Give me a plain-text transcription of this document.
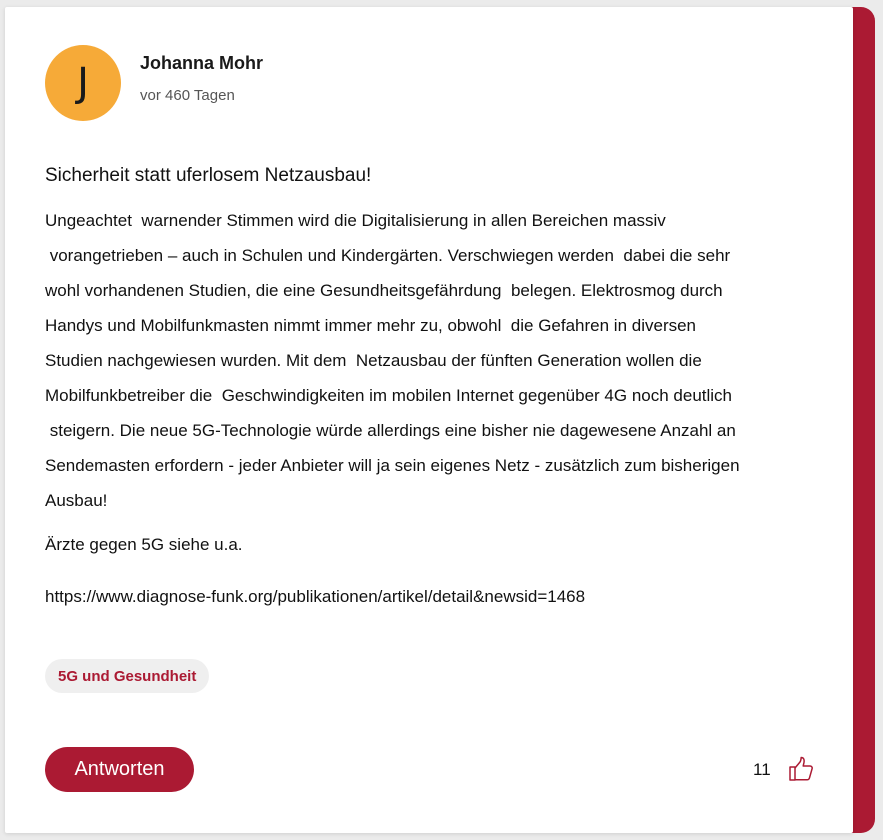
J	Johanna Mohr
vor 460 Tagen
Sicherheit statt uferlosem Netzausbau!
Ungeachtet  warnender Stimmen wird die Digitalisierung in allen Bereichen massiv
vorangetrieben – auch in Schulen und Kindergärten. Verschwiegen werden  dabei die sehr
wohl vorhandenen Studien, die eine Gesundheitsgefährdung  belegen. Elektrosmog durch
Handys und Mobilfunkmasten nimmt immer mehr zu, obwohl  die Gefahren in diversen
Studien nachgewiesen wurden. Mit dem  Netzausbau der fünften Generation wollen die
Mobilfunkbetreiber die  Geschwindigkeiten im mobilen Internet gegenüber 4G noch deutlich
steigern. Die neue 5G-Technologie würde allerdings eine bisher nie dagewesene Anzahl an
Sendemasten erfordern - jeder Anbieter will ja sein eigenes Netz - zusätzlich zum bisherigen
Ausbau!
Ärzte gegen 5G siehe u.a.
https://www.diagnose-funk.org/publikationen/artikel/detail&newsid=1468
5G und Gesundheit
Antworten	11
